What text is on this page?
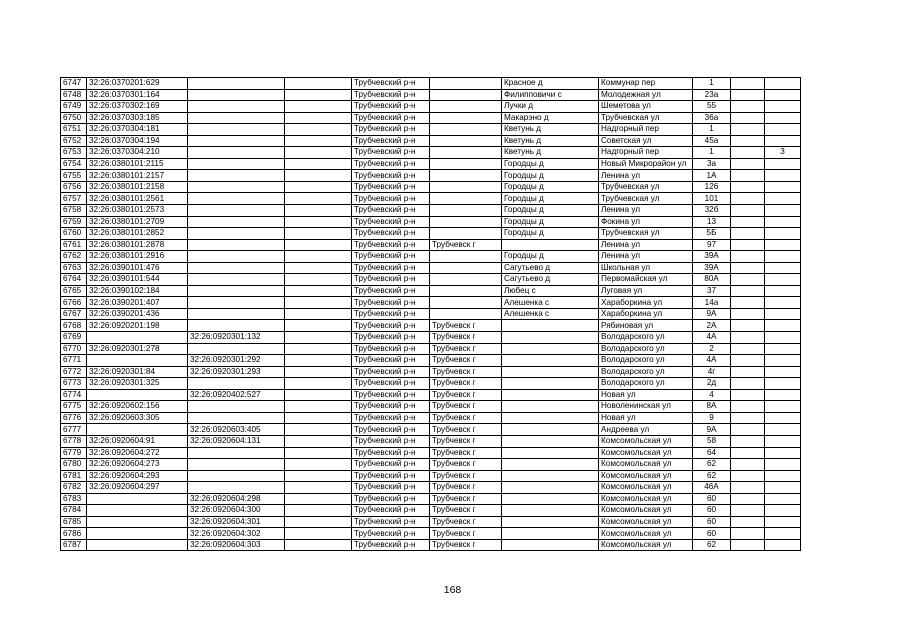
6747	32:26:0370201:629			Трубчевский р-н		Красное д	Коммунар пер	1		
6748	32:26:0370301:164			Трубчевский р-н		Филипповичи с	Молодежная ул	23а		
6749	32:26:0370302:169			Трубчевский р-н		Лучки д	Шеметова ул	55		
6750	32:26:0370303:185			Трубчевский р-н		Макарэно д	Трубчевская ул	36а		
6751	32:26:0370304:181			Трубчевский р-н		Кветунь д	Надгорный пер	1		
6752	32:26:0370304:194			Трубчевский р-н		Кветунь д	Советская ул	45а		
6753	32:26:0370304:210			Трубчевский р-н		Кветунь д	Надгорный пер	1		3
6754	32:26:0380101:2115			Трубчевский р-н		Городцы д	Новый Микрорайон ул	3а		
6755	32:26:0380101:2157			Трубчевский р-н		Городцы д	Ленина ул	1А		
6756	32:26:0380101:2158			Трубчевский р-н		Городцы д	Трубчевская ул	126		
6757	32:26:0380101:2561			Трубчевский р-н		Городцы д	Трубчевская ул	101		
6758	32:26:0380101:2573			Трубчевский р-н		Городцы д	Ленина ул	32б		
6759	32:26:0380101:2709			Трубчевский р-н		Городцы д	Фокина ул	13		
6760	32:26:0380101:2852			Трубчевский р-н		Городцы д	Трубчевская ул	5Б		
6761	32:26:0380101:2878			Трубчевский р-н	Трубчевск г		Ленина ул	97		
6762	32:26:0380101:2916			Трубчевский р-н		Городцы д	Ленина ул	39А		
6763	32:26:0390101:476			Трубчевский р-н		Сагутьево д	Школьная ул	39А		
6764	32:26:0390101:544			Трубчевский р-н		Сагутьево д	Первомайская ул	80А		
6765	32:26:0390102:184			Трубчевский р-н		Любец с	Луговая ул	37		
6766	32:26:0390201:407			Трубчевский р-н		Алешенка с	Хараборкина ул	14а		
6767	32:26:0390201:436			Трубчевский р-н		Алешенка с	Хараборкина ул	9А		
6768	32:26:0920201:198			Трубчевский р-н	Трубчевск г		Рябиновая ул	2А		
6769		32:26:0920301:132		Трубчевский р-н	Трубчевск г		Володарского ул	4А		
6770	32:26:0920301:278			Трубчевский р-н	Трубчевск г		Володарского ул	2		
6771		32:26:0920301:292		Трубчевский р-н	Трубчевск г		Володарского ул	4А		
6772	32:26:0920301:84	32:26:0920301:293		Трубчевский р-н	Трубчевск г		Володарского ул	4г		
6773	32:26:0920301:325			Трубчевский р-н	Трубчевск г		Володарского ул	2д		
6774		32:26:0920402:527		Трубчевский р-н	Трубчевск г		Новая ул	4		
6775	32:26:0920602:156			Трубчевский р-н	Трубчевск г		Новоленинская ул	8А		
6776	32:26:0920603:305			Трубчевский р-н	Трубчевск г		Новая ул	9		
6777		32:26:0920603:405		Трубчевский р-н	Трубчевск г		Андреева ул	9А		
6778	32:26:0920604:91	32:26:0920604:131		Трубчевский р-н	Трубчевск г		Комсомольская ул	58		
6779	32:26:0920604:272			Трубчевский р-н	Трубчевск г		Комсомольская ул	64		
6780	32:26:0920604:273			Трубчевский р-н	Трубчевск г		Комсомольская ул	62		
6781	32:26:0920604:293			Трубчевский р-н	Трубчевск г		Комсомольская ул	62		
6782	32:26:0920604:297			Трубчевский р-н	Трубчевск г		Комсомольская ул	46А		
6783		32:26:0920604:298		Трубчевский р-н	Трубчевск г		Комсомольская ул	60		
6784		32:26:0920604:300		Трубчевский р-н	Трубчевск г		Комсомольская ул	60		
6785		32:26:0920604:301		Трубчевский р-н	Трубчевск г		Комсомольская ул	60		
6786		32:26:0920604:302		Трубчевский р-н	Трубчевск г		Комсомольская ул	60		
6787		32:26:0920604:303		Трубчевский р-н	Трубчевск г		Комсомольская ул	62		
168
